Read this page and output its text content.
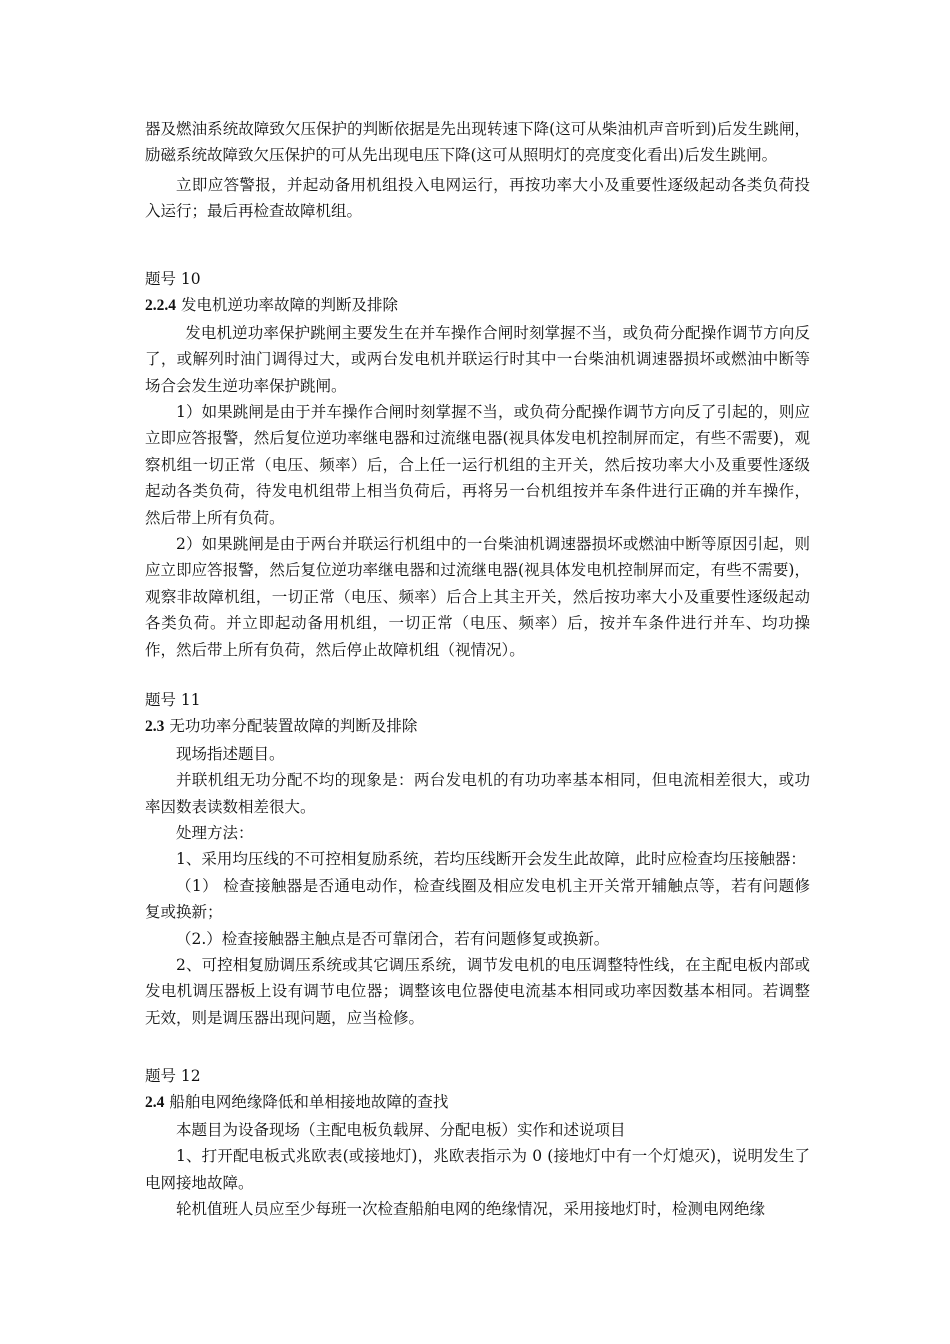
器及燃油系统故障致欠压保护的判断依据是先出现转速下降(这可从柴油机声音听到)后发生跳闸，励磁系统故障致欠压保护的可从先出现电压下降(这可从照明灯的亮度变化看出)后发生跳闸。

立即应答警报，并起动备用机组投入电网运行，再按功率大小及重要性逐级起动各类负荷投入运行；最后再检查故障机组。

题号 10
2.2.4 发电机逆功率故障的判断及排除

发电机逆功率保护跳闸主要发生在并车操作合闸时刻掌握不当，或负荷分配操作调节方向反了，或解列时油门调得过大，或两台发电机并联运行时其中一台柴油机调速器损坏或燃油中断等场合会发生逆功率保护跳闸。

1）如果跳闸是由于并车操作合闸时刻掌握不当，或负荷分配操作调节方向反了引起的，则应立即应答报警，然后复位逆功率继电器和过流继电器(视具体发电机控制屏而定，有些不需要)，观察机组一切正常（电压、频率）后，合上任一运行机组的主开关，然后按功率大小及重要性逐级起动各类负荷，待发电机组带上相当负荷后，再将另一台机组按并车条件进行正确的并车操作，然后带上所有负荷。

2）如果跳闸是由于两台并联运行机组中的一台柴油机调速器损坏或燃油中断等原因引起，则应立即应答报警，然后复位逆功率继电器和过流继电器(视具体发电机控制屏而定，有些不需要)，观察非故障机组，一切正常（电压、频率）后合上其主开关，然后按功率大小及重要性逐级起动各类负荷。并立即起动备用机组，一切正常（电压、频率）后，按并车条件进行并车、均功操作，然后带上所有负荷，然后停止故障机组（视情况）。

题号 11
2.3 无功功率分配装置故障的判断及排除

现场指述题目。

并联机组无功分配不均的现象是：两台发电机的有功功率基本相同，但电流相差很大，或功率因数表读数相差很大。

处理方法：

1、采用均压线的不可控相复励系统，若均压线断开会发生此故障，此时应检查均压接触器：

（1） 检查接触器是否通电动作，检查线圈及相应发电机主开关常开辅触点等，若有问题修复或换新；

（2.）检查接触器主触点是否可靠闭合，若有问题修复或换新。

2、可控相复励调压系统或其它调压系统，调节发电机的电压调整特性线，在主配电板内部或发电机调压器板上设有调节电位器；调整该电位器使电流基本相同或功率因数基本相同。若调整无效，则是调压器出现问题，应当检修。

题号 12
2.4 船舶电网绝缘降低和单相接地故障的查找

本题目为设备现场（主配电板负载屏、分配电板）实作和述说项目

1、打开配电板式兆欧表(或接地灯)，兆欧表指示为 0 (接地灯中有一个灯熄灭)，说明发生了电网接地故障。

轮机值班人员应至少每班一次检查船舶电网的绝缘情况，采用接地灯时，检测电网绝缘
